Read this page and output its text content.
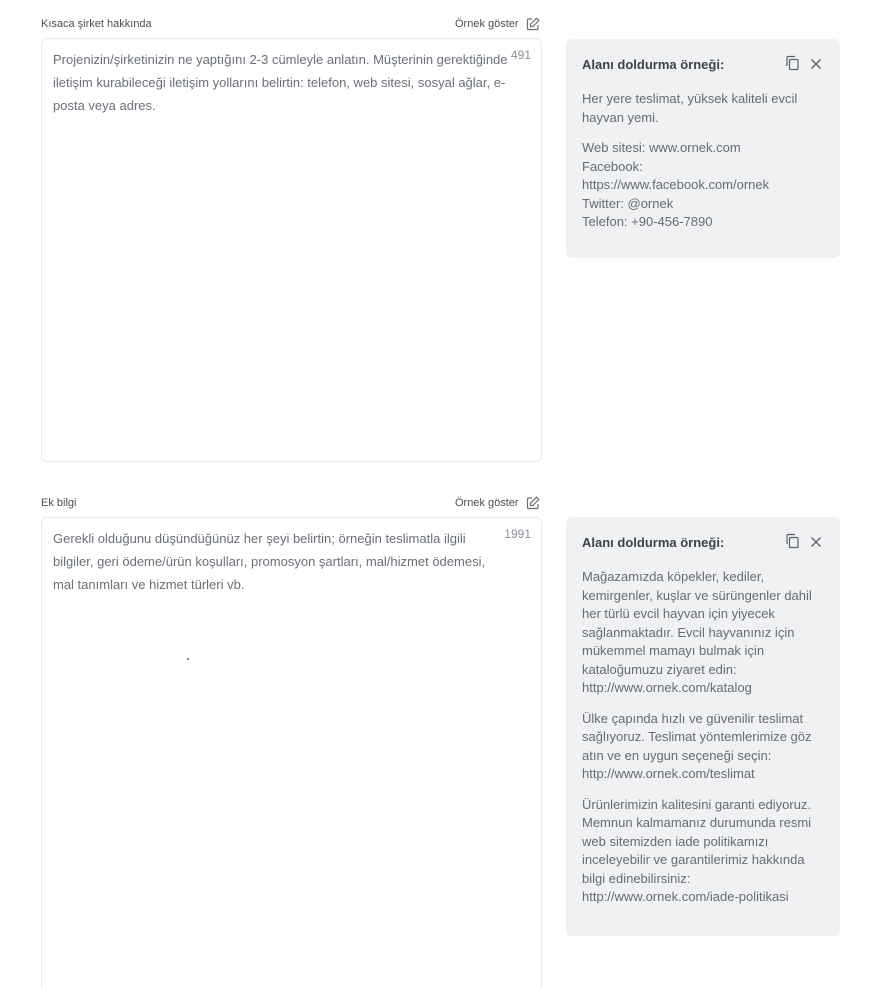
Kısaca şirket hakkında	Örnek göster
Projenizin/şirketinizin ne yaptığını 2-3 cümleyle anlatın. Müşterinin gerektiğinde iletişim kurabileceği iletişim yollarını belirtin: telefon, web sitesi, sosyal ağlar, e-posta veya adres.
491
Alanı doldurma örneği:
Her yere teslimat, yüksek kaliteli evcil hayvan yemi.
Web sitesi: www.ornek.com
Facebook:
https://www.facebook.com/ornek
Twitter: @ornek
Telefon: +90-456-7890
Ek bilgi	Örnek göster
Gerekli olduğunu düşündüğünüz her şeyi belirtin; örneğin teslimatla ilgili bilgiler, geri ödeme/ürün koşulları, promosyon şartları, mal/hizmet ödemesi, mal tanımları ve hizmet türleri vb.
1991
Alanı doldurma örneği:
Mağazamızda köpekler, kediler, kemirgenler, kuşlar ve sürüngenler dahil her türlü evcil hayvan için yiyecek sağlanmaktadır. Evcil hayvanınız için mükemmel mamayı bulmak için kataloğumuzu ziyaret edin: http://www.ornek.com/katalog
Ülke çapında hızlı ve güvenilir teslimat sağlıyoruz. Teslimat yöntemlerimize göz atın ve en uygun seçeneği seçin: http://www.ornek.com/teslimat
Ürünlerimizin kalitesini garanti ediyoruz. Memnun kalmamanız durumunda resmi web sitemizden iade politikamızı inceleyebilir ve garantilerimiz hakkında bilgi edinebilirsiniz: http://www.ornek.com/iade-politikasi
